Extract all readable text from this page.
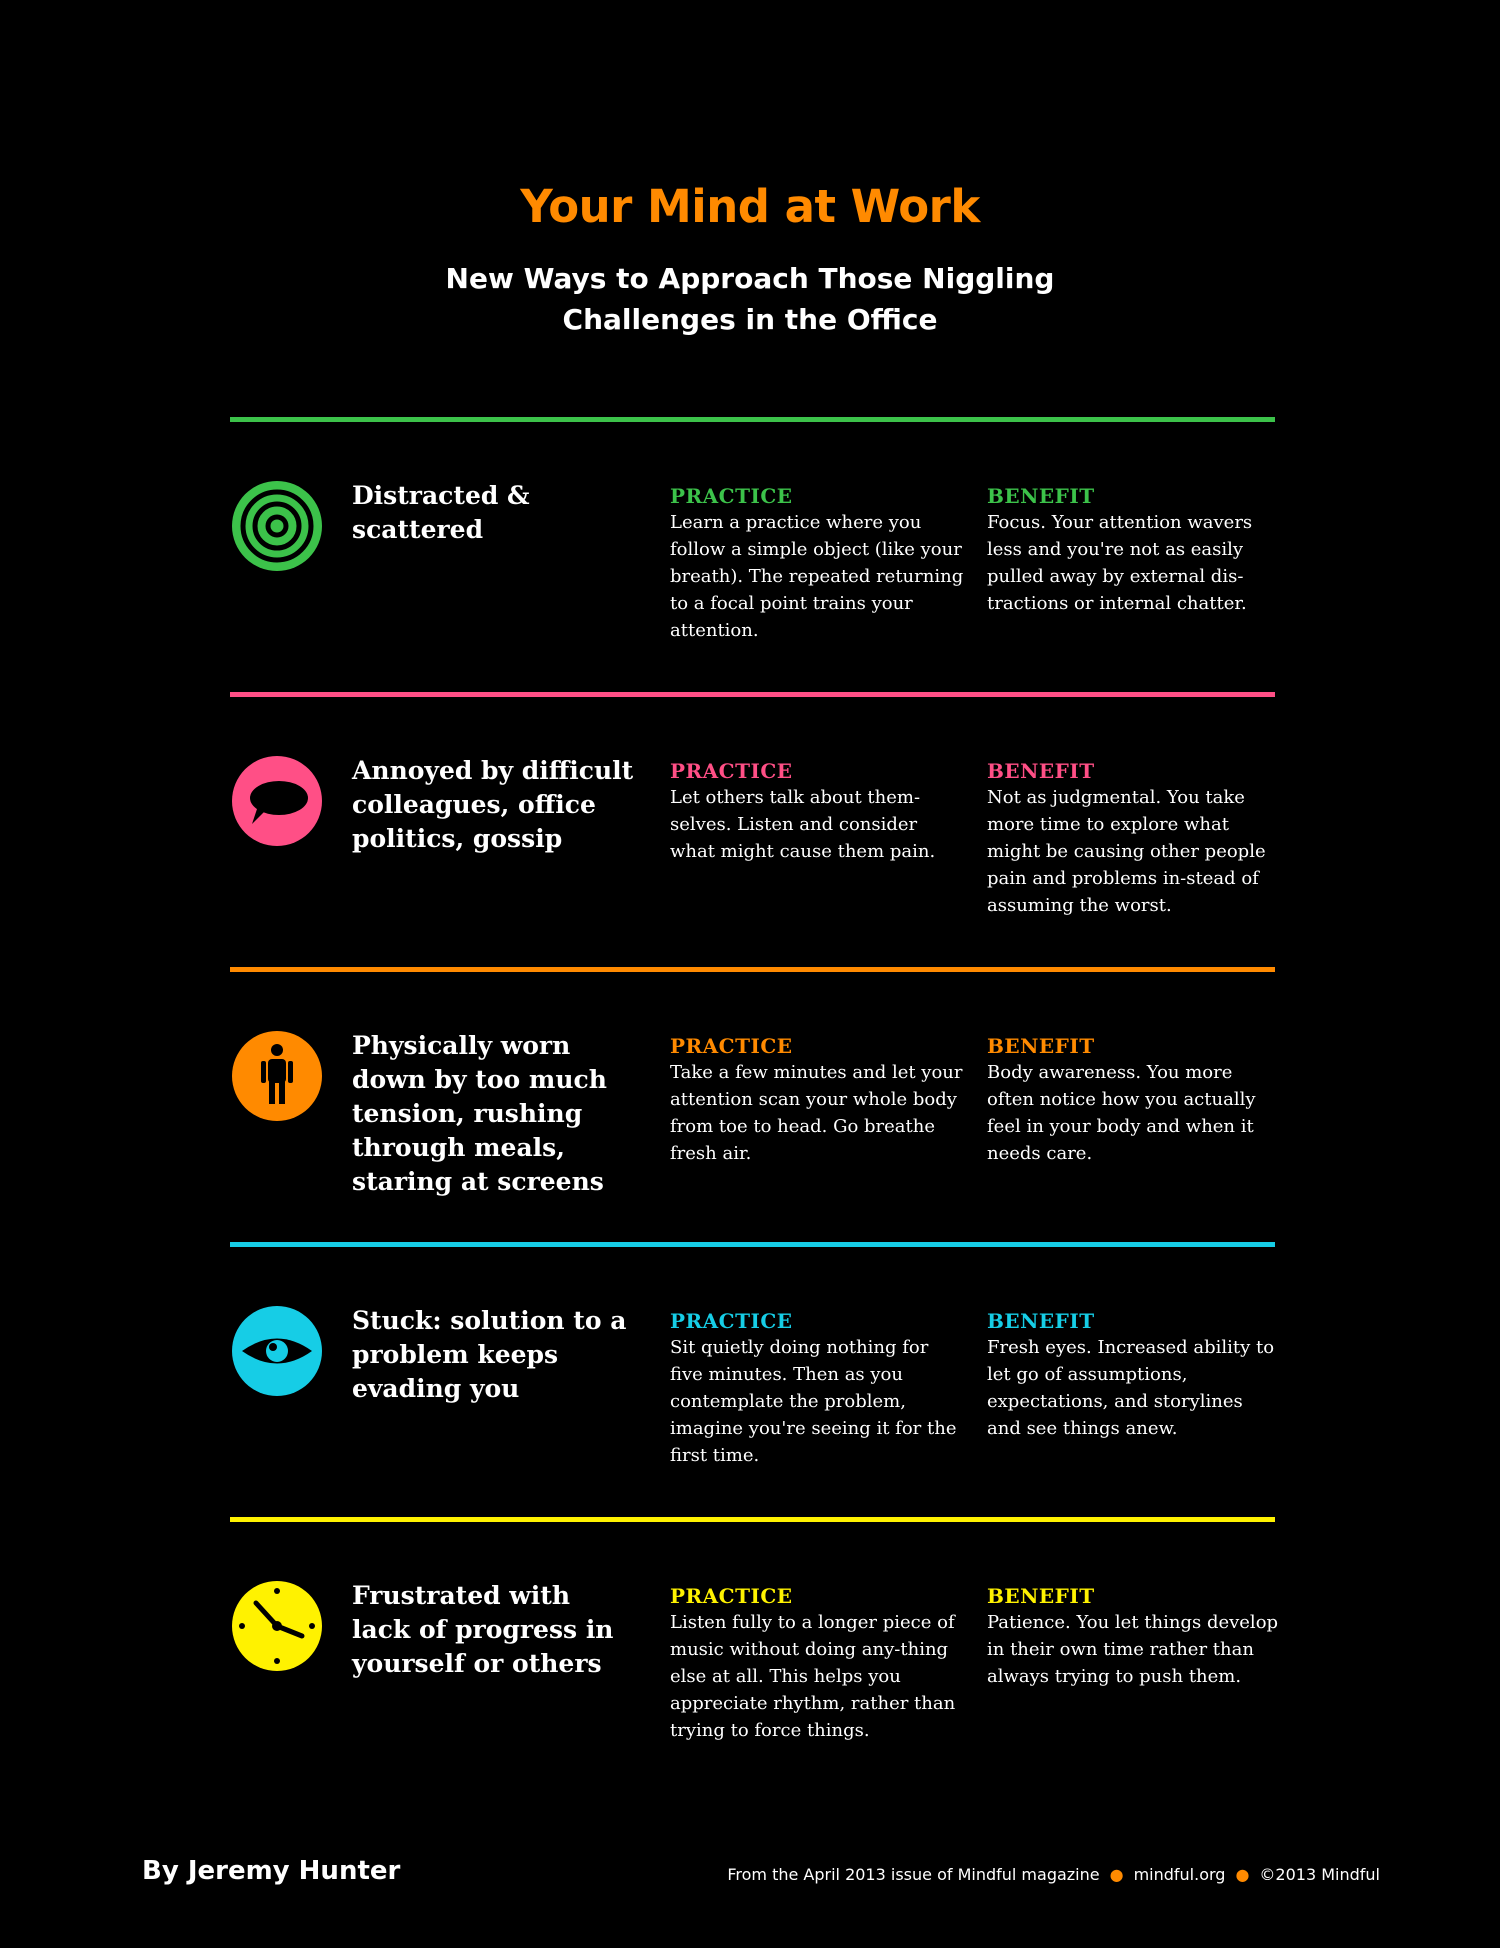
Your Mind at Work
New Ways to Approach Those Niggling
Challenges in the Office
Distracted & scattered
PRACTICE
Learn a practice where you follow a simple object (like your breath). The repeated returning to a focal point trains your attention.
BENEFIT
Focus. Your attention wavers less and you're not as easily pulled away by external dis-tractions or internal chatter.
Annoyed by difficult colleagues, office politics, gossip
PRACTICE
Let others talk about them-selves. Listen and consider what might cause them pain.
BENEFIT
Not as judgmental. You take more time to explore what might be causing other people pain and problems in-stead of assuming the worst.
Physically worn down by too much tension, rushing through meals, staring at screens
PRACTICE
Take a few minutes and let your attention scan your whole body from toe to head. Go breathe fresh air.
BENEFIT
Body awareness. You more often notice how you actually feel in your body and when it needs care.
Stuck: solution to a problem keeps evading you
PRACTICE
Sit quietly doing nothing for five minutes. Then as you contemplate the problem, imagine you're seeing it for the first time.
BENEFIT
Fresh eyes. Increased ability to let go of assumptions, expectations, and storylines and see things anew.
Frustrated with lack of progress in yourself or others
PRACTICE
Listen fully to a longer piece of music without doing any-thing else at all. This helps you appreciate rhythm, rather than trying to force things.
BENEFIT
Patience. You let things develop in their own time rather than always trying to push them.
By Jeremy Hunter	From the April 2013 issue of Mindful magazine ● mindful.org ● ©2013 Mindful
